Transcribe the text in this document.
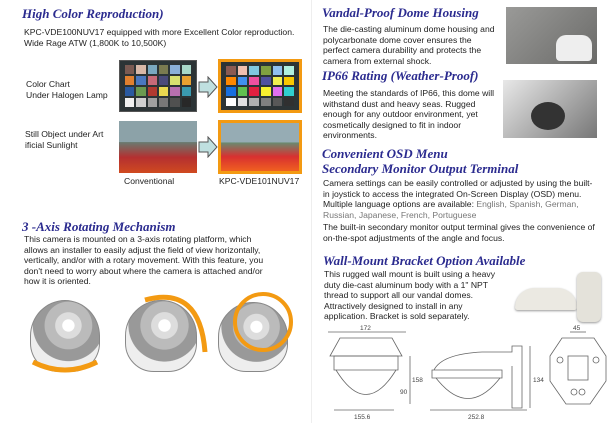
High Color Reproduction)
KPC-VDE100NUV17 equipped with more Excellent Color reproduction.
Wide Rage ATW (1,800K to 10,500K)
Color Chart
Under Halogen Lamp
Still Object under Art
ificial Sunlight
Conventional	KPC-VDE101NUV17
3 -Axis Rotating Mechanism
This camera is mounted on a 3-axis rotating platform, which allows an installer to easily adjust the field of view horizontally, vertically, and/or with a rotary movement. With this feature, you don't need to worry about where the camera is attached and/or how it is oriented.
Vandal-Proof Dome Housing
The die-casting aluminum dome housing and polycarbonate dome cover ensures the perfect camera durability and protects the camera from external shock.
IP66 Rating (Weather-Proof)
Meeting the standards of IP66, this dome will withstand dust and heavy seas. Rugged enough for any outdoor environment, yet cosmetically designed to fit in indoor environments.
Convenient OSD Menu
Secondary Monitor Output Terminal
Camera settings can be easily controlled or adjusted by using the built-in joystick to access the integrated On-Screen Display (OSD) menu. Multiple language options are available: English, Spanish, German, Russian, Japanese, French, Portuguese
The built-in secondary monitor output terminal gives the convenience of on-the-spot adjustments of the angle and focus.
Wall-Mount Bracket Option Available
This rugged wall mount is built using a heavy duty die-cast aluminum body with a 1" NPT thread to support all our vandal domes. Attractively designed to install in any application. Bracket is sold separately.
172
158
90
155.6	252.8
45
134
